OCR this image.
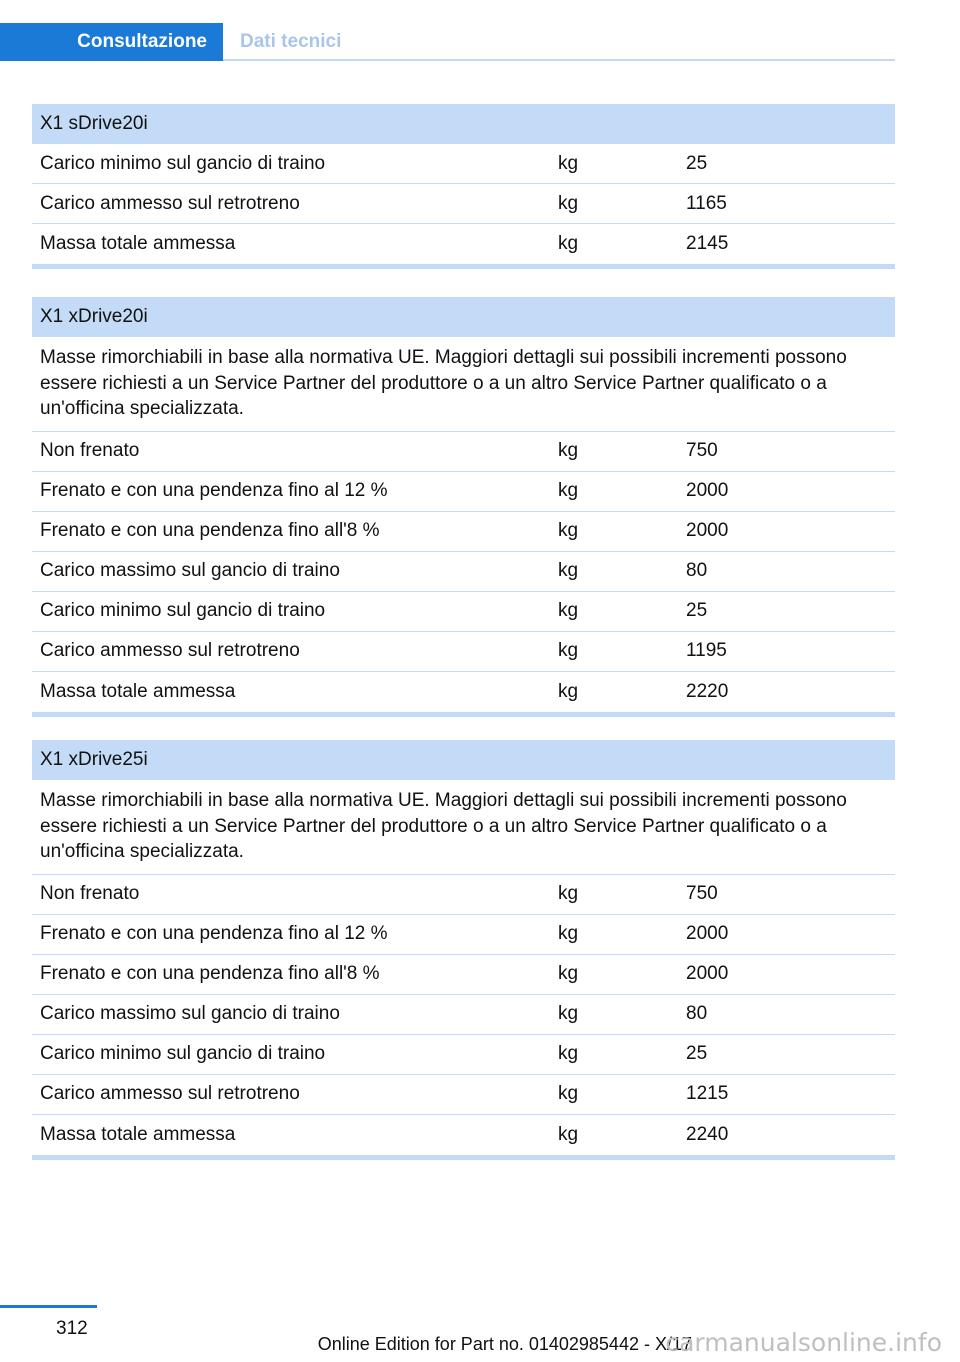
Consultazione	Dati tecnici
X1 sDrive20i
Carico minimo sul gancio di traino	kg	25
Carico ammesso sul retrotreno	kg	1165
Massa totale ammessa	kg	2145
X1 xDrive20i
Masse rimorchiabili in base alla normativa UE. Maggiori dettagli sui possibili incrementi possono essere richiesti a un Service Partner del produttore o a un altro Service Partner qualificato o a un'officina specializzata.
Non frenato	kg	750
Frenato e con una pendenza fino al 12 %	kg	2000
Frenato e con una pendenza fino all'8 %	kg	2000
Carico massimo sul gancio di traino	kg	80
Carico minimo sul gancio di traino	kg	25
Carico ammesso sul retrotreno	kg	1195
Massa totale ammessa	kg	2220
X1 xDrive25i
Masse rimorchiabili in base alla normativa UE. Maggiori dettagli sui possibili incrementi possono essere richiesti a un Service Partner del produttore o a un altro Service Partner qualificato o a un'officina specializzata.
Non frenato	kg	750
Frenato e con una pendenza fino al 12 %	kg	2000
Frenato e con una pendenza fino all'8 %	kg	2000
Carico massimo sul gancio di traino	kg	80
Carico minimo sul gancio di traino	kg	25
Carico ammesso sul retrotreno	kg	1215
Massa totale ammessa	kg	2240
312
Online Edition for Part no. 01402985442 - X/17
carmanualsonline.info
